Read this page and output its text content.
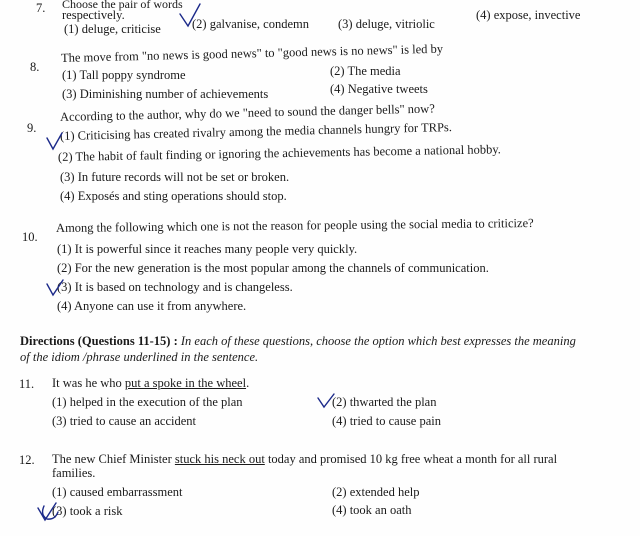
7. Choose the pair of words
respectively.
(1) deluge, criticise (2) galvanise, condemn (3) deluge, vitriolic
(4) expose, invective
8.
The move from "no news is good news" to "good news is no news" is led by
(1) Tall poppy syndrome	(2) The media
(3) Diminishing number of achievements	(4) Negative tweets
9.
According to the author, why do we "need to sound the danger bells" now?
(1) Criticising has created rivalry among the media channels hungry for TRPs.
(2) The habit of fault finding or ignoring the achievements has become a national hobby.
(3) In future records will not be set or broken.
(4) Exposés and sting operations should stop.
10.
Among the following which one is not the reason for people using the social media to criticize?
(1) It is powerful since it reaches many people very quickly.
(2) For the new generation is the most popular among the channels of communication.
(3) It is based on technology and is changeless.
(4) Anyone can use it from anywhere.
Directions (Questions 11-15) : In each of these questions, choose the option which best expresses the meaning
of the idiom /phrase underlined in the sentence.
11. It was he who put a spoke in the wheel.
(1) helped in the execution of the plan	(2) thwarted the plan
(3) tried to cause an accident	(4) tried to cause pain
12. The new Chief Minister stuck his neck out today and promised 10 kg free wheat a month for all rural
families.
(1) caused embarrassment	(2) extended help
(3) took a risk	(4) took an oath
